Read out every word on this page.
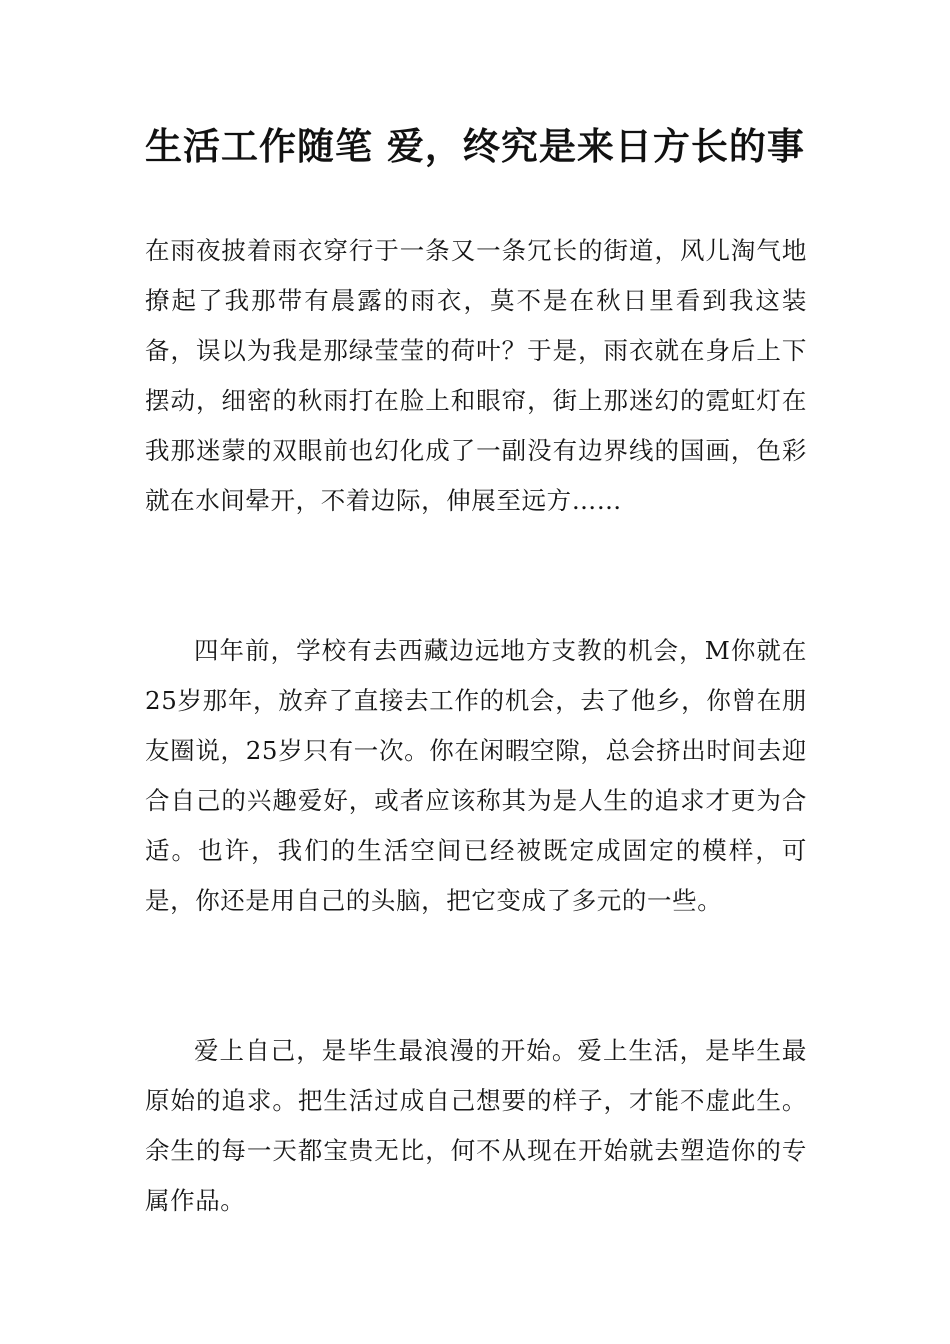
生活工作随笔 爱，终究是来日方长的事

在雨夜披着雨衣穿行于一条又一条冗长的街道，风儿淘气地撩起了我那带有晨露的雨衣，莫不是在秋日里看到我这装备，误以为我是那绿莹莹的荷叶？于是，雨衣就在身后上下摆动，细密的秋雨打在脸上和眼帘，街上那迷幻的霓虹灯在我那迷蒙的双眼前也幻化成了一副没有边界线的国画，色彩就在水间晕开，不着边际，伸展至远方……

四年前，学校有去西藏边远地方支教的机会，M你就在25岁那年，放弃了直接去工作的机会，去了他乡，你曾在朋友圈说，25岁只有一次。你在闲暇空隙，总会挤出时间去迎合自己的兴趣爱好，或者应该称其为是人生的追求才更为合适。也许，我们的生活空间已经被既定成固定的模样，可是，你还是用自己的头脑，把它变成了多元的一些。

爱上自己，是毕生最浪漫的开始。爱上生活，是毕生最原始的追求。把生活过成自己想要的样子，才能不虚此生。余生的每一天都宝贵无比，何不从现在开始就去塑造你的专属作品。
